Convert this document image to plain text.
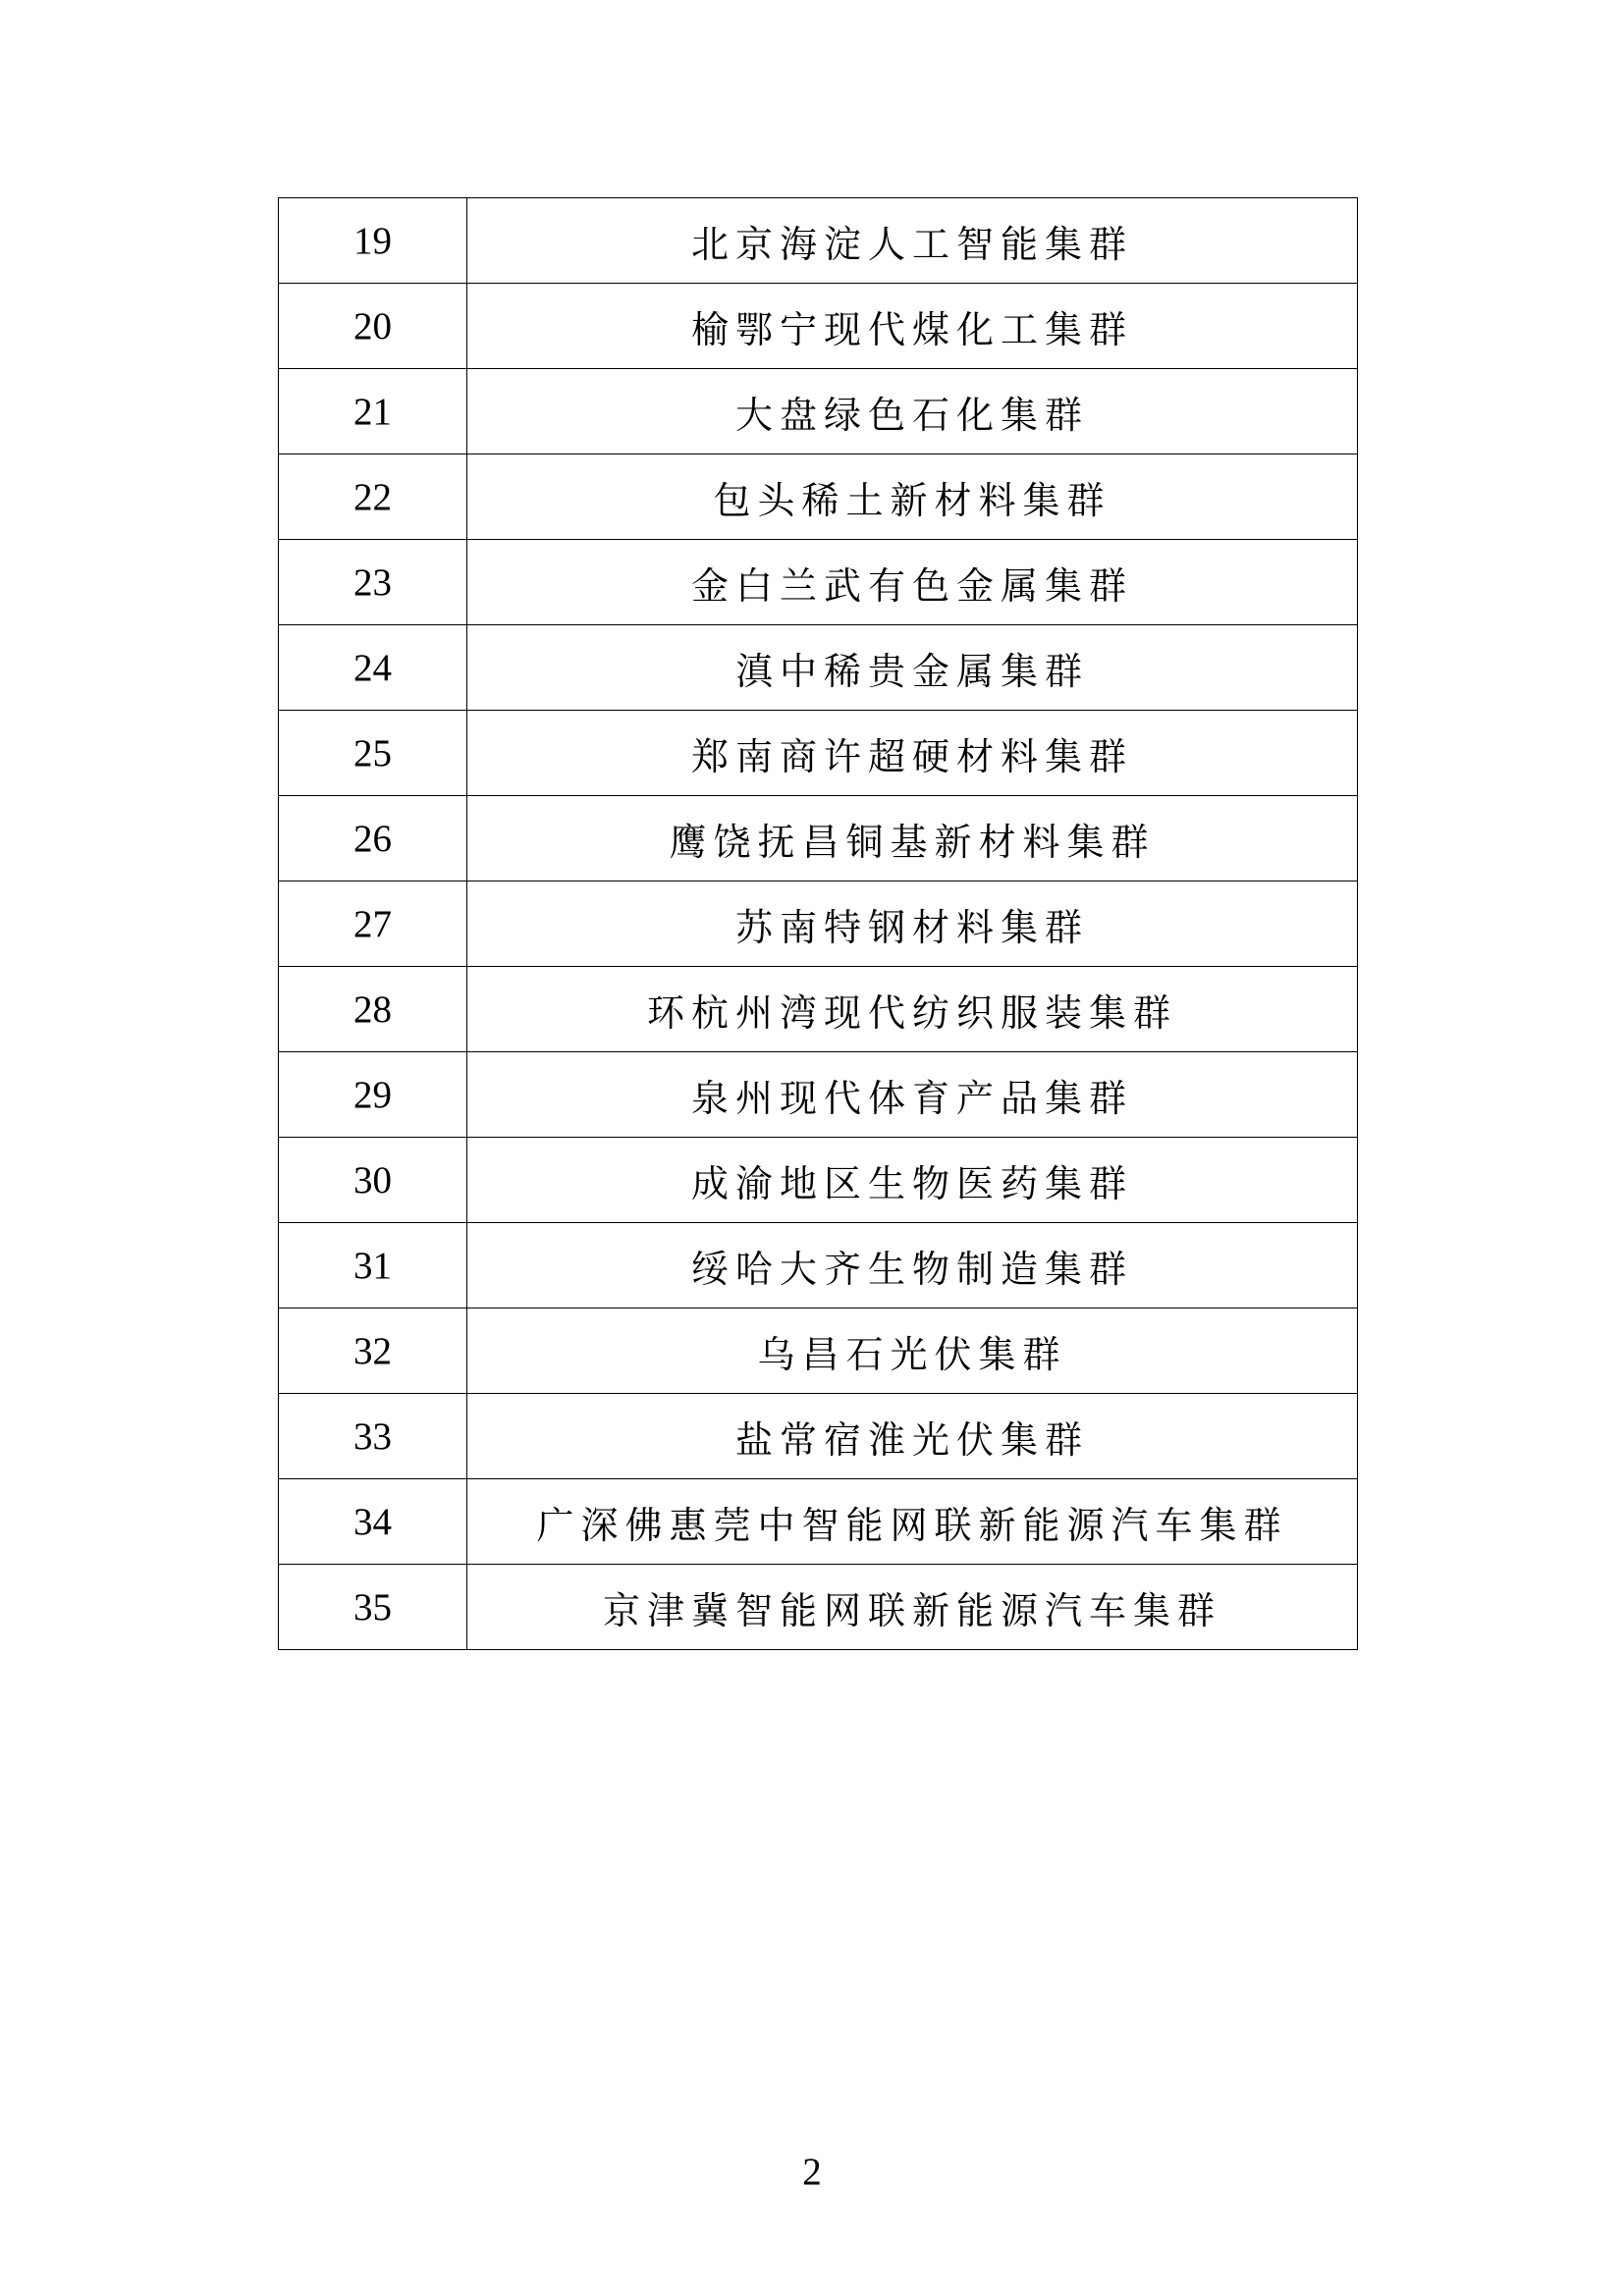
19	北京海淀人工智能集群
20	榆鄂宁现代煤化工集群
21	大盘绿色石化集群
22	包头稀土新材料集群
23	金白兰武有色金属集群
24	滇中稀贵金属集群
25	郑南商许超硬材料集群
26	鹰饶抚昌铜基新材料集群
27	苏南特钢材料集群
28	环杭州湾现代纺织服装集群
29	泉州现代体育产品集群
30	成渝地区生物医药集群
31	绥哈大齐生物制造集群
32	乌昌石光伏集群
33	盐常宿淮光伏集群
34	广深佛惠莞中智能网联新能源汽车集群
35	京津冀智能网联新能源汽车集群
2
